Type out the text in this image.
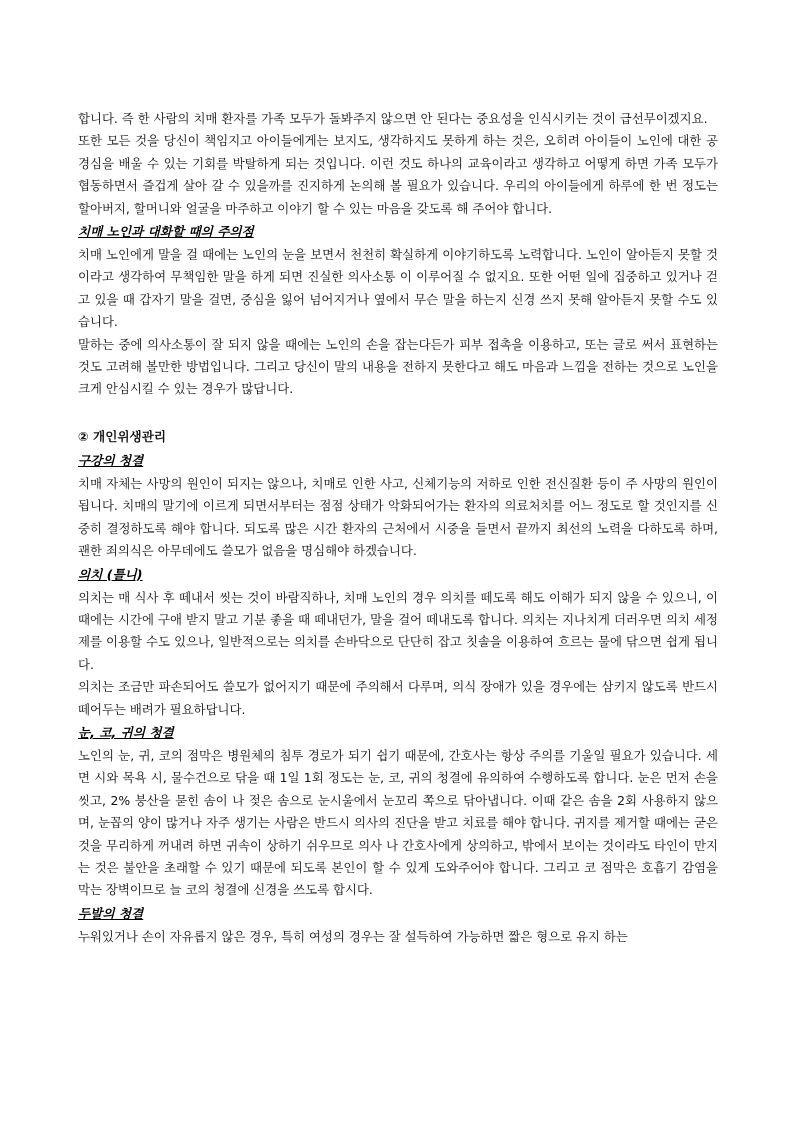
합니다. 즉 한 사람의 치매 환자를 가족 모두가 돌봐주지 않으면 안 된다는 중요성을 인식시키는 것이 급선무이겠지요.

또한 모든 것을 당신이 책임지고 아이들에게는 보지도, 생각하지도 못하게 하는 것은, 오히려 아이들이 노인에 대한 공경심을 배울 수 있는 기회를 박탈하게 되는 것입니다. 이런 것도 하나의 교육이라고 생각하고 어떻게 하면 가족 모두가 협동하면서 즐겁게 살아 갈 수 있을까를 진지하게 논의해 볼 필요가 있습니다. 우리의 아이들에게 하루에 한 번 정도는 할아버지, 할머니와 얼굴을 마주하고 이야기 할 수 있는 마음을 갖도록 해 주어야 합니다.

치매 노인과 대화할 때의 주의점

치매 노인에게 말을 걸 때에는 노인의 눈을 보면서 천천히 확실하게 이야기하도록 노력합니다. 노인이 알아듣지 못할 것이라고 생각하여 무책임한 말을 하게 되면 진실한 의사소통 이 이루어질 수 없지요. 또한 어떤 일에 집중하고 있거나 걷고 있을 때 갑자기 말을 걸면, 중심을 잃어 넘어지거나 옆에서 무슨 말을 하는지 신경 쓰지 못해 알아듣지 못할 수도 있습니다.

말하는 중에 의사소통이 잘 되지 않을 때에는 노인의 손을 잡는다든가 피부 접촉을 이용하고, 또는 글로 써서 표현하는 것도 고려해 볼만한 방법입니다. 그리고 당신이 말의 내용을 전하지 못한다고 해도 마음과 느낌을 전하는 것으로 노인을 크게 안심시킬 수 있는 경우가 많답니다.

② 개인위생관리
구강의 청결

치매 자체는 사망의 원인이 되지는 않으나, 치매로 인한 사고, 신체기능의 저하로 인한 전신질환 등이 주 사망의 원인이 됩니다. 치매의 말기에 이르게 되면서부터는 점점 상태가 악화되어가는 환자의 의료처치를 어느 정도로 할 것인지를 신중히 결정하도록 해야 합니다. 되도록 많은 시간 환자의 근처에서 시중을 들면서 끝까지 최선의 노력을 다하도록 하며, 괜한 죄의식은 아무데에도 쓸모가 없음을 명심해야 하겠습니다.

의치 (틀니)

의치는 매 식사 후 떼내서 씻는 것이 바람직하나, 치매 노인의 경우 의치를 떼도록 해도 이해가 되지 않을 수 있으니, 이때에는 시간에 구애 받지 말고 기분 좋을 때 떼내던가, 말을 걸어 떼내도록 합니다. 의치는 지나치게 더러우면 의치 세정제를 이용할 수도 있으나, 일반적으로는 의치를 손바닥으로 단단히 잡고 칫솔을 이용하여 흐르는 물에 닦으면 쉽게 됩니다.

의치는 조금만 파손되어도 쓸모가 없어지기 때문에 주의해서 다루며, 의식 장애가 있을 경우에는 삼키지 않도록 반드시 떼어두는 배려가 필요하답니다.

눈, 코, 귀의 청결

노인의 눈, 귀, 코의 점막은 병원체의 침투 경로가 되기 쉽기 때문에, 간호사는 항상 주의를 기울일 필요가 있습니다. 세면 시와 목욕 시, 물수건으로 닦을 때 1일 1회 정도는 눈, 코, 귀의 청결에 유의하여 수행하도록 합니다. 눈은 먼저 손을 씻고, 2% 붕산을 묻힌 솜이 나 젖은 솜으로 눈시울에서 눈꼬리 쪽으로 닦아냅니다. 이때 같은 솜을 2회 사용하지 않으며, 눈꼽의 양이 많거나 자주 생기는 사람은 반드시 의사의 진단을 받고 치료를 해야 합니다. 귀지를 제거할 때에는 굳은 것을 무리하게 꺼내려 하면 귀속이 상하기 쉬우므로 의사 나 간호사에게 상의하고, 밖에서 보이는 것이라도 타인이 만지는 것은 불안을 초래할 수 있기 때문에 되도록 본인이 할 수 있게 도와주어야 합니다. 그리고 코 점막은 호흡기 감염을 막는 장벽이므로 늘 코의 청결에 신경을 쓰도록 합시다.

두발의 청결

누워있거나 손이 자유롭지 않은 경우, 특히 여성의 경우는 잘 설득하여 가능하면 짧은 형으로 유지 하는
